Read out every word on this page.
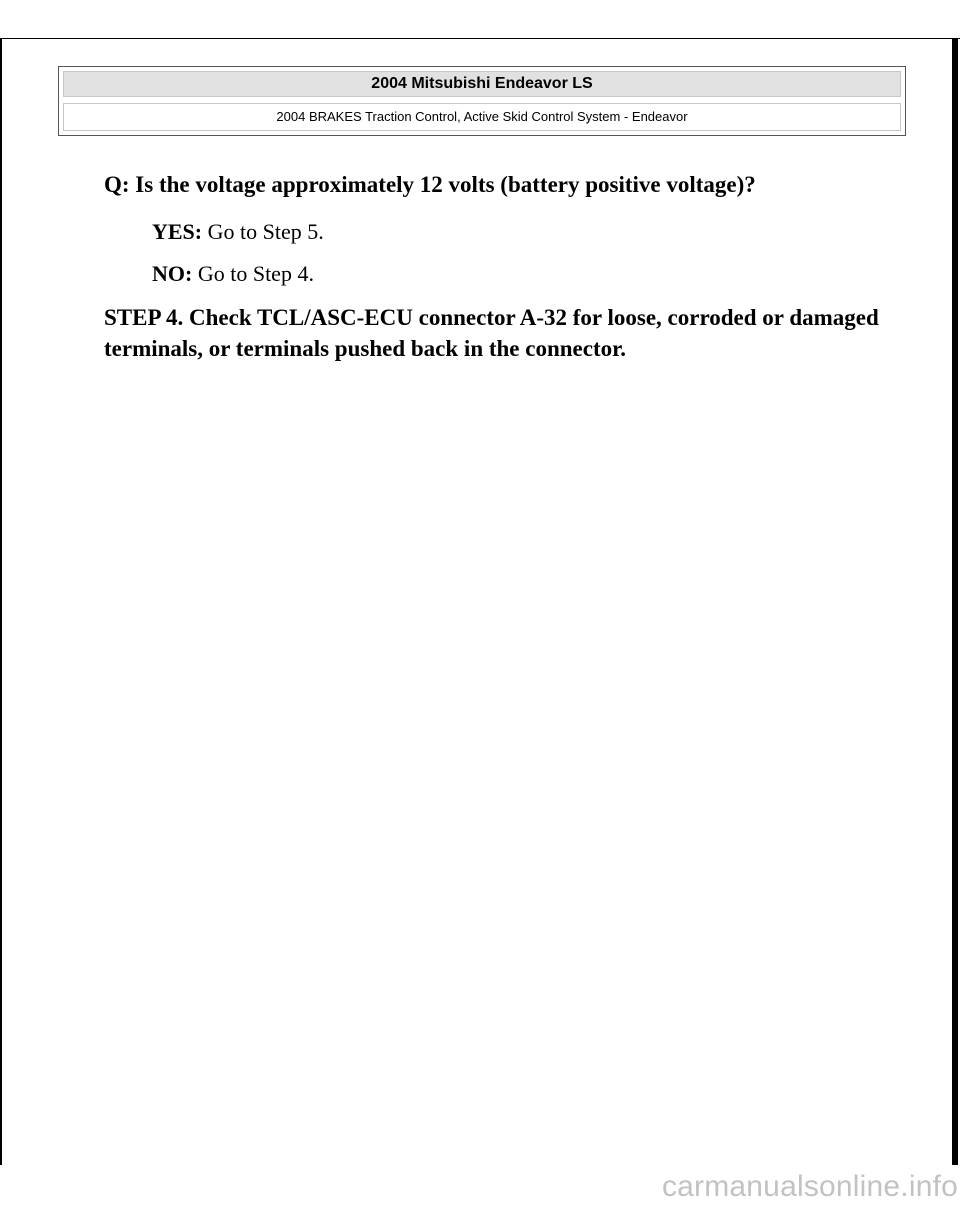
2004 Mitsubishi Endeavor LS
2004 BRAKES Traction Control, Active Skid Control System - Endeavor

Q: Is the voltage approximately 12 volts (battery positive voltage)?

YES: Go to Step 5.

NO: Go to Step 4.

STEP 4. Check TCL/ASC-ECU connector A-32 for loose, corroded or damaged terminals, or terminals pushed back in the connector.

carmanualsonline.info
